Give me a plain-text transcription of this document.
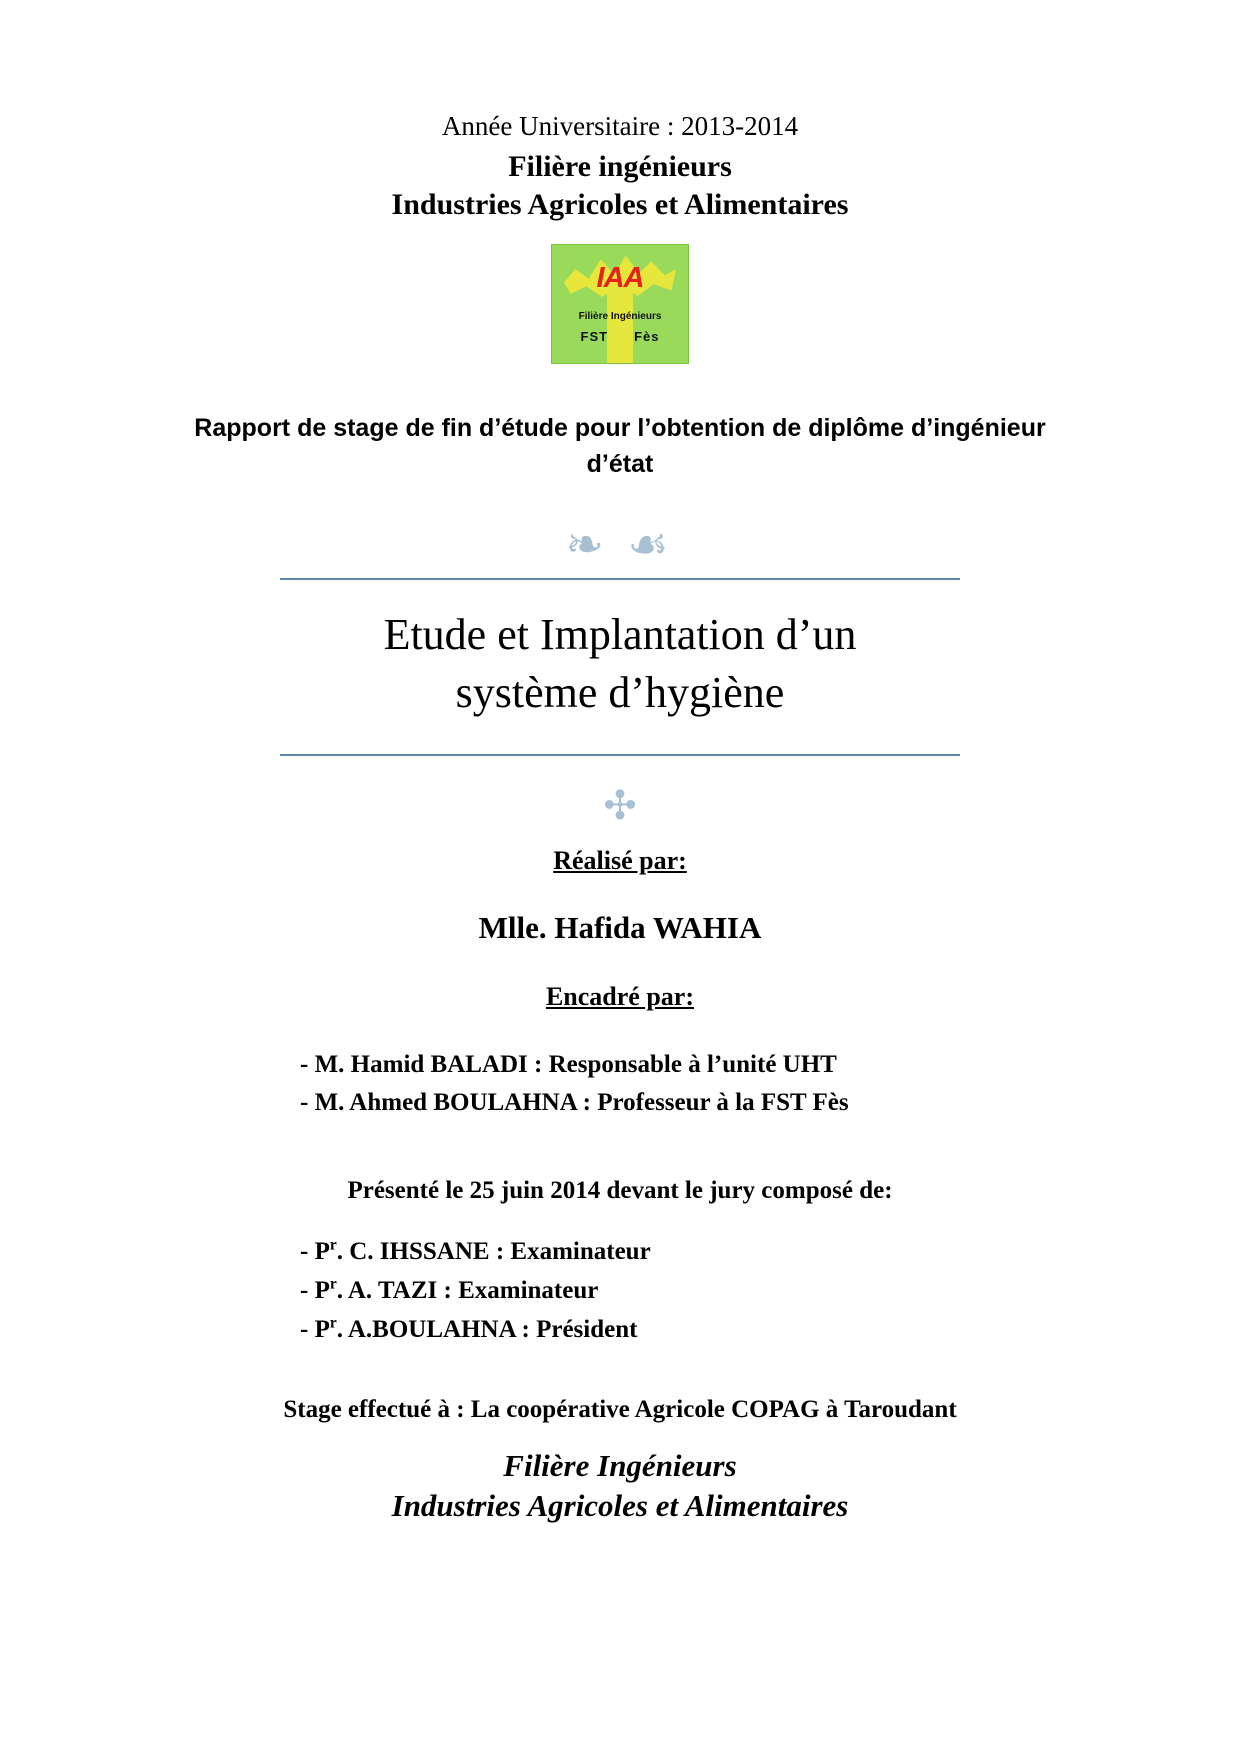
Année Universitaire : 2013-2014
Filière ingénieurs
Industries Agricoles et Alimentaires
IAA
Filière Ingénieurs
FST Fès
Rapport de stage de fin d’étude pour l’obtention de diplôme d’ingénieur d’état
❧ ☙
Etude et Implantation d’un
système d’hygiène
✣
Réalisé par:
Mlle. Hafida WAHIA
Encadré par:
- M. Hamid BALADI : Responsable à l’unité UHT
- M. Ahmed BOULAHNA : Professeur à la FST Fès
Présenté le 25 juin 2014 devant le jury composé de:
- $P^r$. C. IHSSANE : Examinateur
- $P^r$. A. TAZI : Examinateur
- $P^r$. A.BOULAHNA : Président
Stage effectué à : La coopérative Agricole COPAG à Taroudant
Filière Ingénieurs
Industries Agricoles et Alimentaires
